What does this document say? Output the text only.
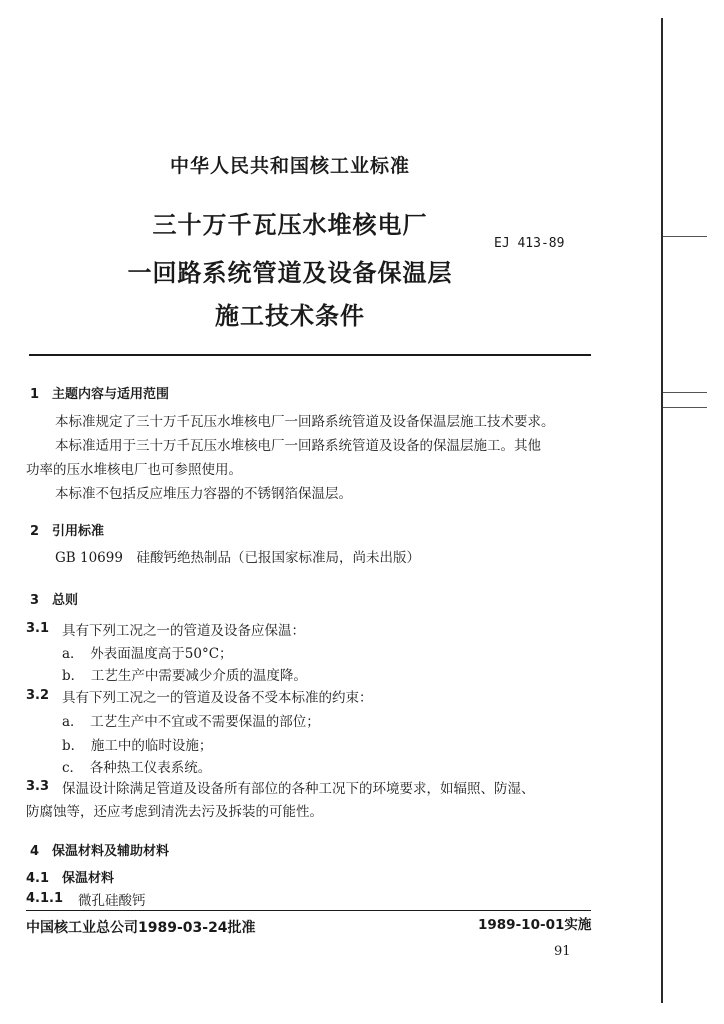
中华人民共和国核工业标准
三十万千瓦压水堆核电厂
一回路系统管道及设备保温层
施工技术条件
EJ 413-89
1　主题内容与适用范围
本标准规定了三十万千瓦压水堆核电厂一回路系统管道及设备保温层施工技术要求。
本标准适用于三十万千瓦压水堆核电厂一回路系统管道及设备的保温层施工。其他
功率的压水堆核电厂也可参照使用。
本标准不包括反应堆压力容器的不锈钢箔保温层。
2　引用标准
GB 10699　硅酸钙绝热制品（已报国家标准局，尚未出版）
3　总则
3.1 具有下列工况之一的管道及设备应保温：
a．　外表面温度高于50°C；
b．　工艺生产中需要减少介质的温度降。
3.2 具有下列工况之一的管道及设备不受本标准的约束：
a．　工艺生产中不宜或不需要保温的部位；
b．　施工中的临时设施；
c．　各种热工仪表系统。
3.3 保温设计除满足管道及设备所有部位的各种工况下的环境要求，如辐照、防湿、
防腐蚀等，还应考虑到清洗去污及拆装的可能性。
4　保温材料及辅助材料
4.1　保温材料
4.1.1 微孔硅酸钙
中国核工业总公司1989-03-24批准	1989-10-01实施
91
